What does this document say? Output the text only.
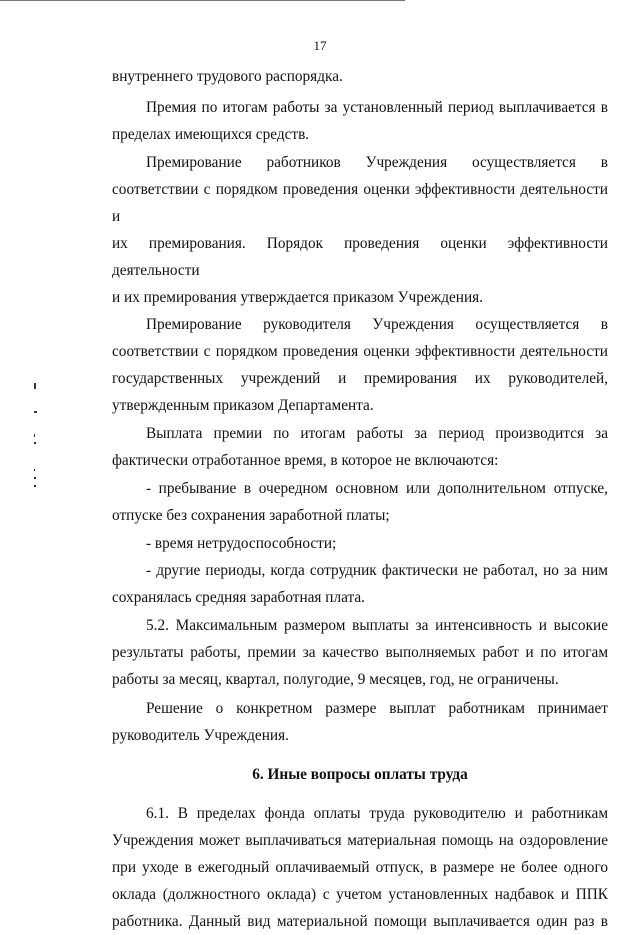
17

внутреннего трудового распорядка.

Премия по итогам работы за установленный период выплачивается в

пределах имеющихся средств.

Премирование работников Учреждения осуществляется в

соответствии с порядком проведения оценки эффективности деятельности и

их премирования. Порядок проведения оценки эффективности деятельности

и их премирования утверждается приказом Учреждения.

Премирование руководителя Учреждения осуществляется в

соответствии с порядком проведения оценки эффективности деятельности

государственных учреждений и премирования их руководителей,

утвержденным приказом Департамента.

Выплата премии по итогам работы за период производится за

фактически отработанное время, в которое не включаются:

- пребывание в очередном основном или дополнительном отпуске,

отпуске без сохранения заработной платы;

- время нетрудоспособности;

- другие периоды, когда сотрудник фактически не работал, но за ним

сохранялась средняя заработная плата.

5.2. Максимальным размером выплаты за интенсивность и высокие

результаты работы, премии за качество выполняемых работ и по итогам

работы за месяц, квартал, полугодие, 9 месяцев, год, не ограничены.

Решение о конкретном размере выплат работникам принимает

руководитель Учреждения.

6. Иные вопросы оплаты труда

6.1. В пределах фонда оплаты труда руководителю и работникам

Учреждения может выплачиваться материальная помощь на оздоровление

при уходе в ежегодный оплачиваемый отпуск, в размере не более одного

оклада (должностного оклада) с учетом установленных надбавок и ППК

работника. Данный вид материальной помощи выплачивается один раз в
